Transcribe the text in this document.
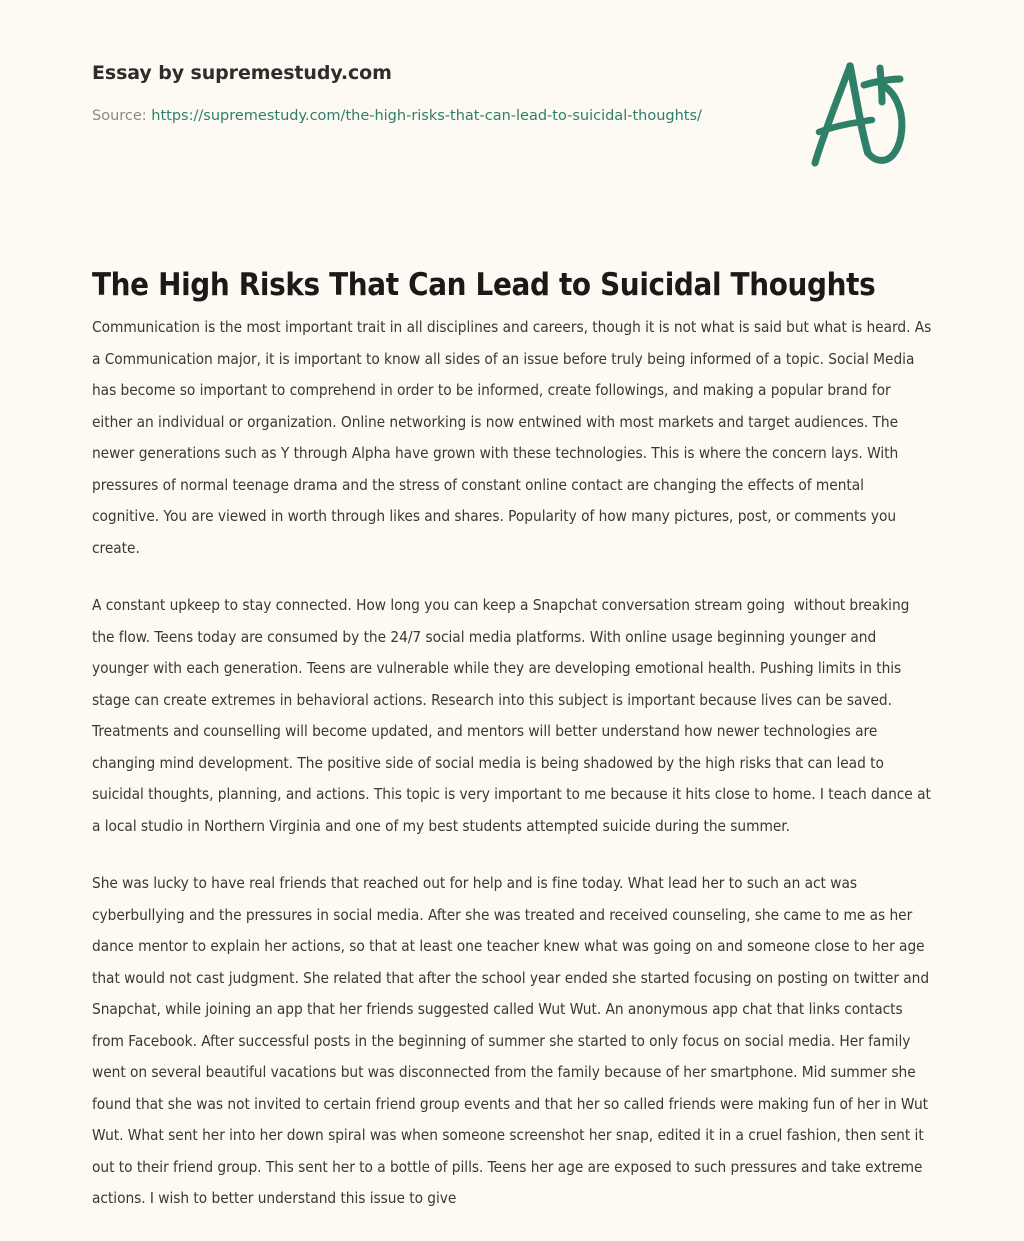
Essay by supremestudy.com
Source: https://supremestudy.com/the-high-risks-that-can-lead-to-suicidal-thoughts/
The High Risks That Can Lead to Suicidal Thoughts

Communication is the most important trait in all disciplines and careers, though it is not what is said but what is heard. As a Communication major, it is important to know all sides of an issue before truly being informed of a topic. Social Media has become so important to comprehend in order to be informed, create followings, and making a popular brand for either an individual or organization. Online networking is now entwined with most markets and target audiences. The newer generations such as Y through Alpha have grown with these technologies. This is where the concern lays. With pressures of normal teenage drama and the stress of constant online contact are changing the effects of mental cognitive. You are viewed in worth through likes and shares. Popularity of how many pictures, post, or comments you create.

A constant upkeep to stay connected. How long you can keep a Snapchat conversation stream going  without breaking the flow. Teens today are consumed by the 24/7 social media platforms. With online usage beginning younger and younger with each generation. Teens are vulnerable while they are developing emotional health. Pushing limits in this stage can create extremes in behavioral actions. Research into this subject is important because lives can be saved. Treatments and counselling will become updated, and mentors will better understand how newer technologies are changing mind development. The positive side of social media is being shadowed by the high risks that can lead to suicidal thoughts, planning, and actions. This topic is very important to me because it hits close to home. I teach dance at a local studio in Northern Virginia and one of my best students attempted suicide during the summer.

She was lucky to have real friends that reached out for help and is fine today. What lead her to such an act was cyberbullying and the pressures in social media. After she was treated and received counseling, she came to me as her dance mentor to explain her actions, so that at least one teacher knew what was going on and someone close to her age that would not cast judgment. She related that after the school year ended she started focusing on posting on twitter and Snapchat, while joining an app that her friends suggested called Wut Wut. An anonymous app chat that links contacts from Facebook. After successful posts in the beginning of summer she started to only focus on social media. Her family went on several beautiful vacations but was disconnected from the family because of her smartphone. Mid summer she found that she was not invited to certain friend group events and that her so called friends were making fun of her in Wut Wut. What sent her into her down spiral was when someone screenshot her snap, edited it in a cruel fashion, then sent it out to their friend group. This sent her to a bottle of pills. Teens her age are exposed to such pressures and take extreme actions. I wish to better understand this issue to give
